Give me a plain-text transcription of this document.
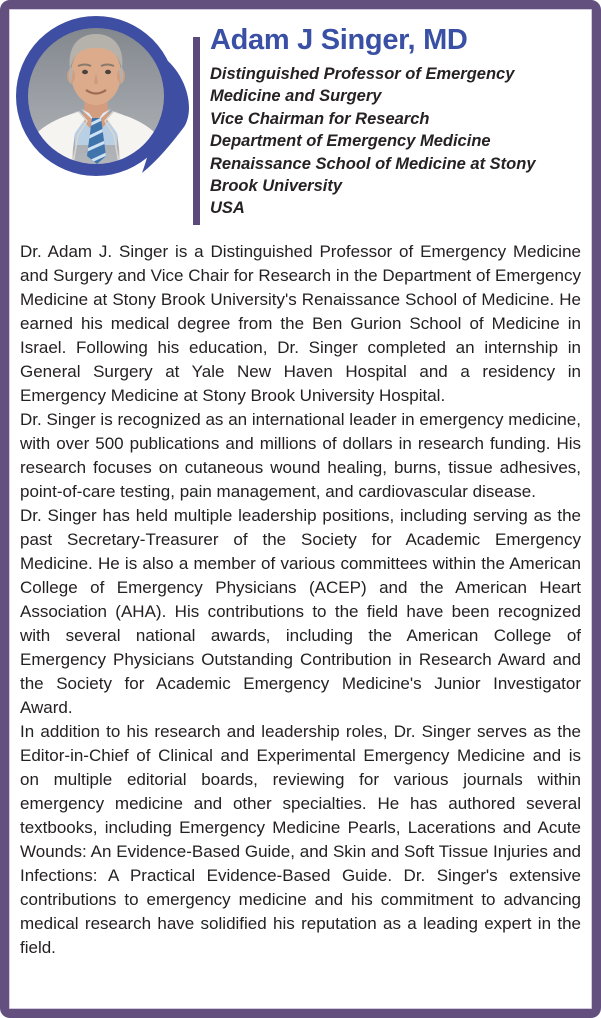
Adam J Singer, MD
Distinguished Professor of Emergency
Medicine and Surgery
Vice Chairman for Research
Department of Emergency Medicine
Renaissance School of Medicine at Stony
Brook University
USA

Dr. Adam J. Singer is a Distinguished Professor of Emergency Medicine and Surgery and Vice Chair for Research in the Department of Emergency Medicine at Stony Brook University's Renaissance School of Medicine. He earned his medical degree from the Ben Gurion School of Medicine in Israel. Following his education, Dr. Singer completed an internship in General Surgery at Yale New Haven Hospital and a residency in Emergency Medicine at Stony Brook University Hospital.

Dr. Singer is recognized as an international leader in emergency medicine, with over 500 publications and millions of dollars in research funding. His research focuses on cutaneous wound healing, burns, tissue adhesives, point-of-care testing, pain management, and cardiovascular disease.

Dr. Singer has held multiple leadership positions, including serving as the past Secretary-Treasurer of the Society for Academic Emergency Medicine. He is also a member of various committees within the American College of Emergency Physicians (ACEP) and the American Heart Association (AHA). His contributions to the field have been recognized with several national awards, including the American College of Emergency Physicians Outstanding Contribution in Research Award and the Society for Academic Emergency Medicine's Junior Investigator Award.

In addition to his research and leadership roles, Dr. Singer serves as the Editor-in-Chief of Clinical and Experimental Emergency Medicine and is on multiple editorial boards, reviewing for various journals within emergency medicine and other specialties. He has authored several textbooks, including Emergency Medicine Pearls, Lacerations and Acute Wounds: An Evidence-Based Guide, and Skin and Soft Tissue Injuries and Infections: A Practical Evidence-Based Guide. Dr. Singer's extensive contributions to emergency medicine and his commitment to advancing medical research have solidified his reputation as a leading expert in the field.
